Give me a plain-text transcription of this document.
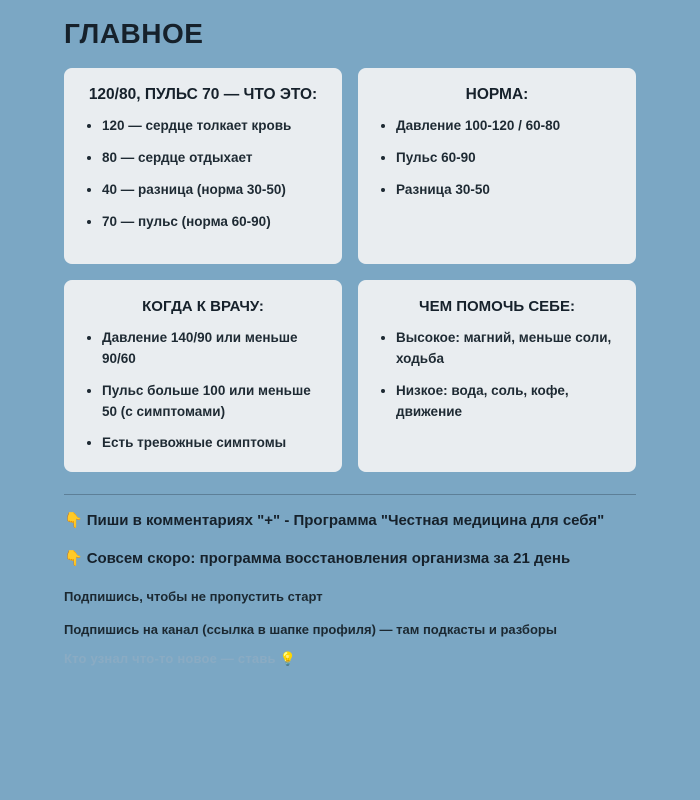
ГЛАВНОЕ
120/80, ПУЛЬС 70 — ЧТО ЭТО:
120 — сердце толкает кровь
80 — сердце отдыхает
40 — разница (норма 30-50)
70 — пульс (норма 60-90)
НОРМА:
Давление 100-120 / 60-80
Пульс 60-90
Разница 30-50
КОГДА К ВРАЧУ:
Давление 140/90 или меньше 90/60
Пульс больше 100 или меньше 50 (с симптомами)
Есть тревожные симптомы
ЧЕМ ПОМОЧЬ СЕБЕ:
Высокое: магний, меньше соли, ходьба
Низкое: вода, соль, кофе, движение
👇 Пиши в комментариях "+" - Программа "Честная медицина для себя"
👇 Совсем скоро: программа восстановления организма за 21 день
Подпишись, чтобы не пропустить старт
Подпишись на канал (ссылка в шапке профиля) — там подкасты и разборы
Кто узнал что-то новое — ставь 💡
